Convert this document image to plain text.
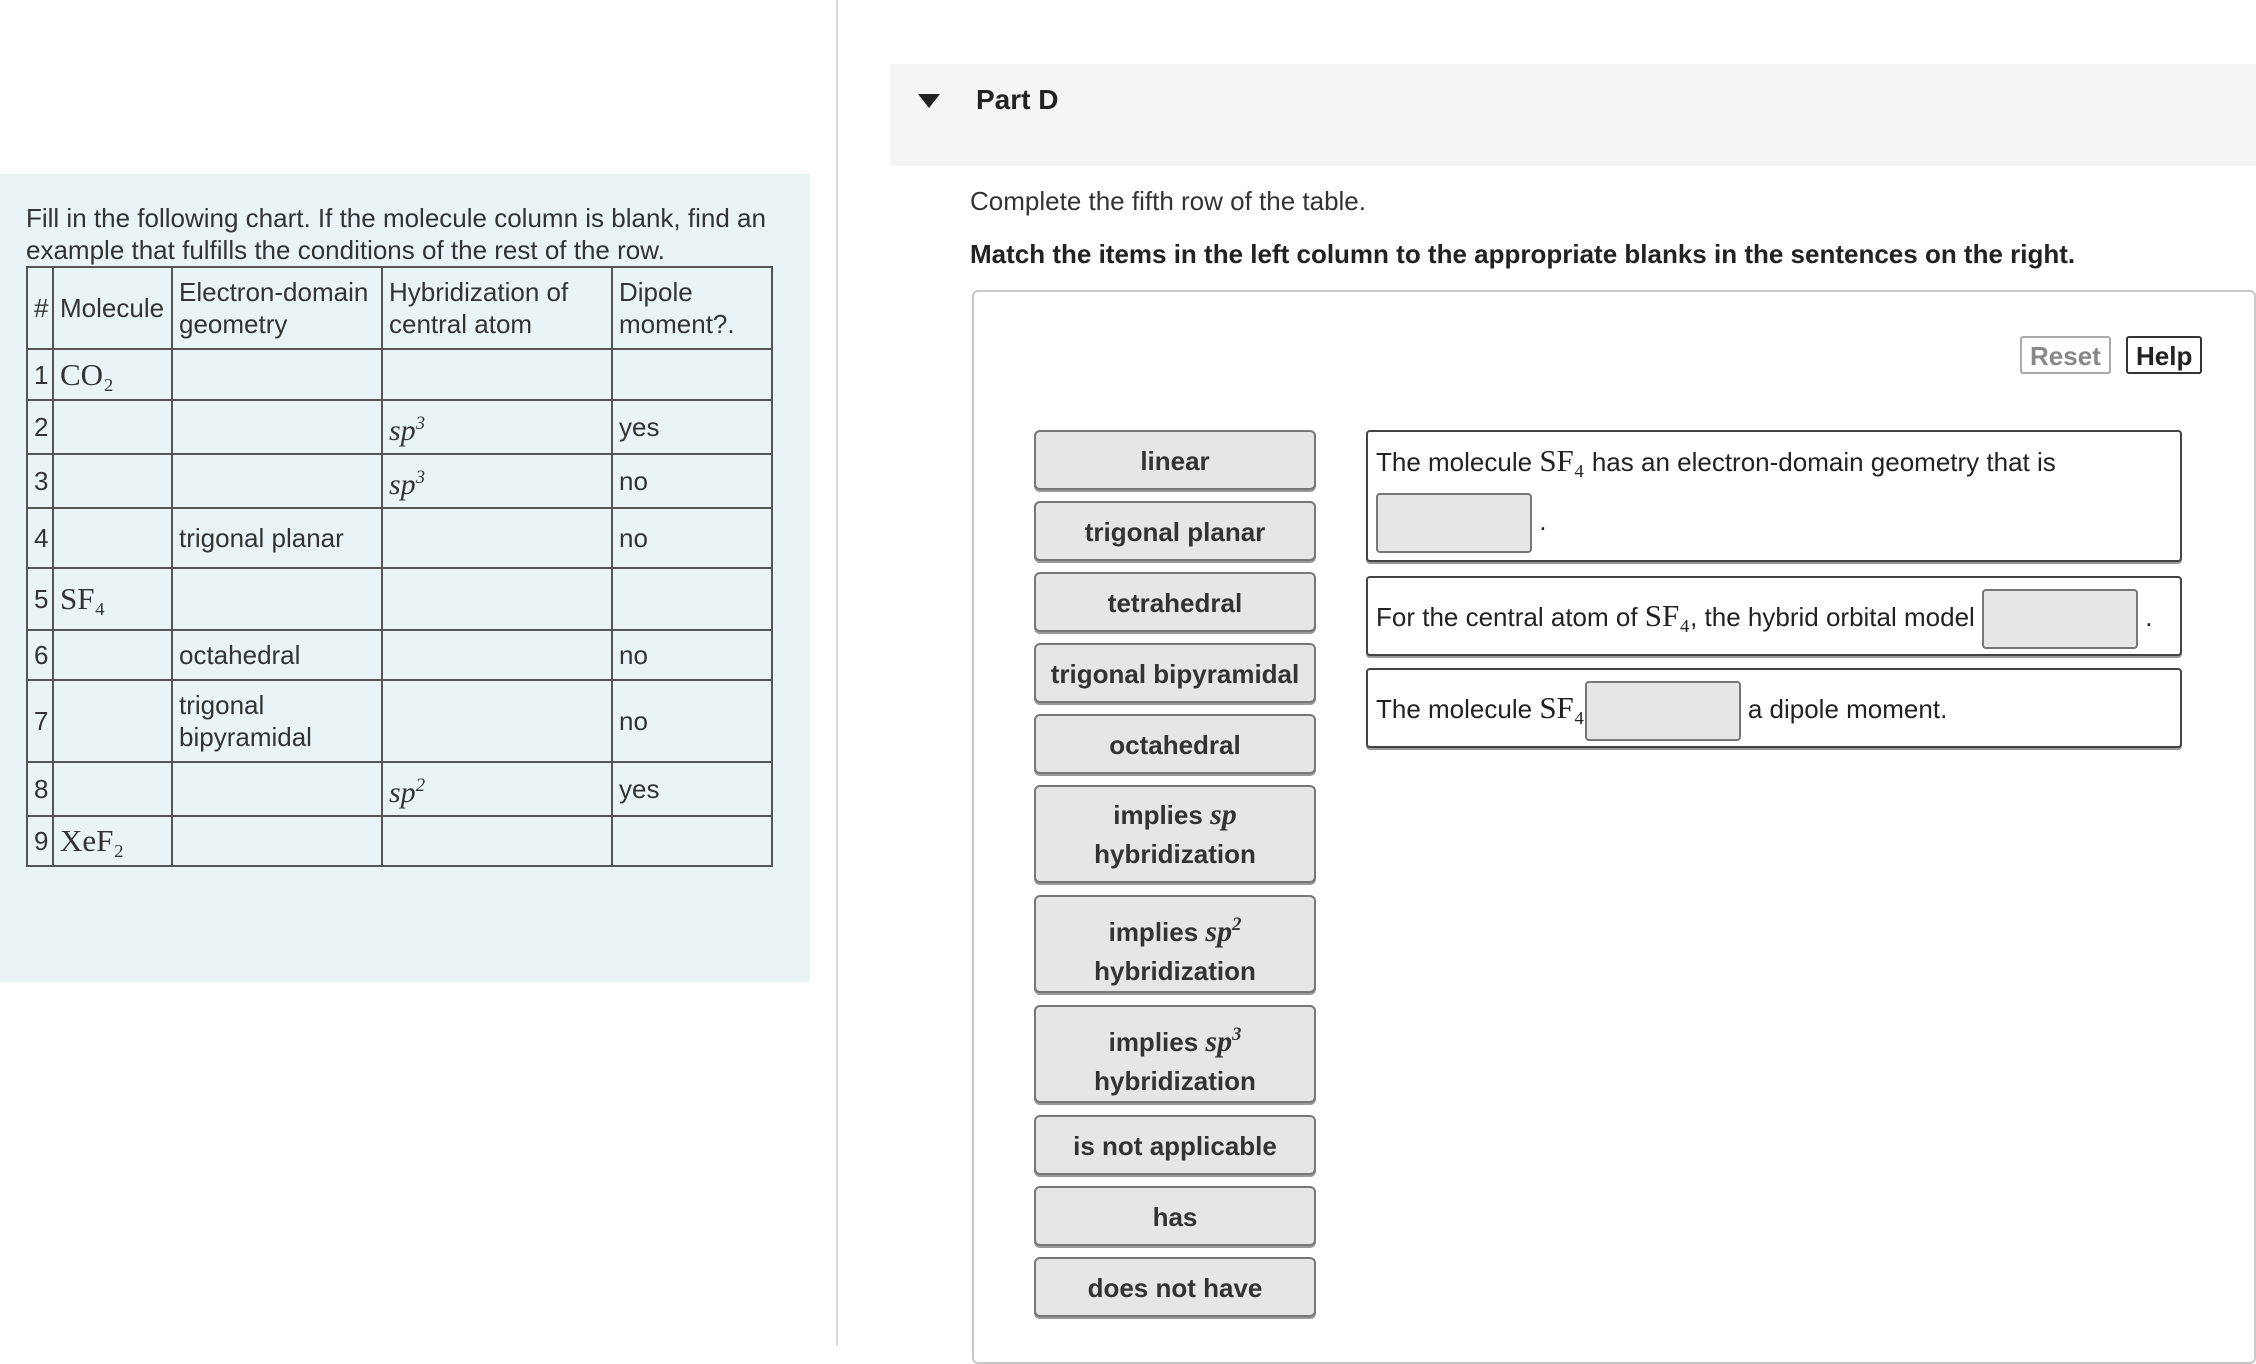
Fill in the following chart. If the molecule column is blank, find an example that fulfills the conditions of the rest of the row.
#	Molecule	Electron-domain geometry	Hybridization of central atom	Dipole moment?.
1	CO₂			
2			$sp^3$	yes
3			$sp^3$	no
4		trigonal planar		no
5	SF₄			
6		octahedral		no
7		trigonal bipyramidal		no
8			$sp^2$	yes
9	XeF₂			
Part D
Complete the fifth row of the table.
Match the items in the left column to the appropriate blanks in the sentences on the right.
Reset	Help
linear
trigonal planar
tetrahedral
trigonal bipyramidal
octahedral
implies sp
hybridization
implies $sp^2$
hybridization
implies $sp^3$
hybridization
is not applicable
has
does not have
The molecule SF₄ has an electron-domain geometry that is
.
For the central atom of SF₄, the hybrid orbital model	.
The molecule SF₄	a dipole moment.
